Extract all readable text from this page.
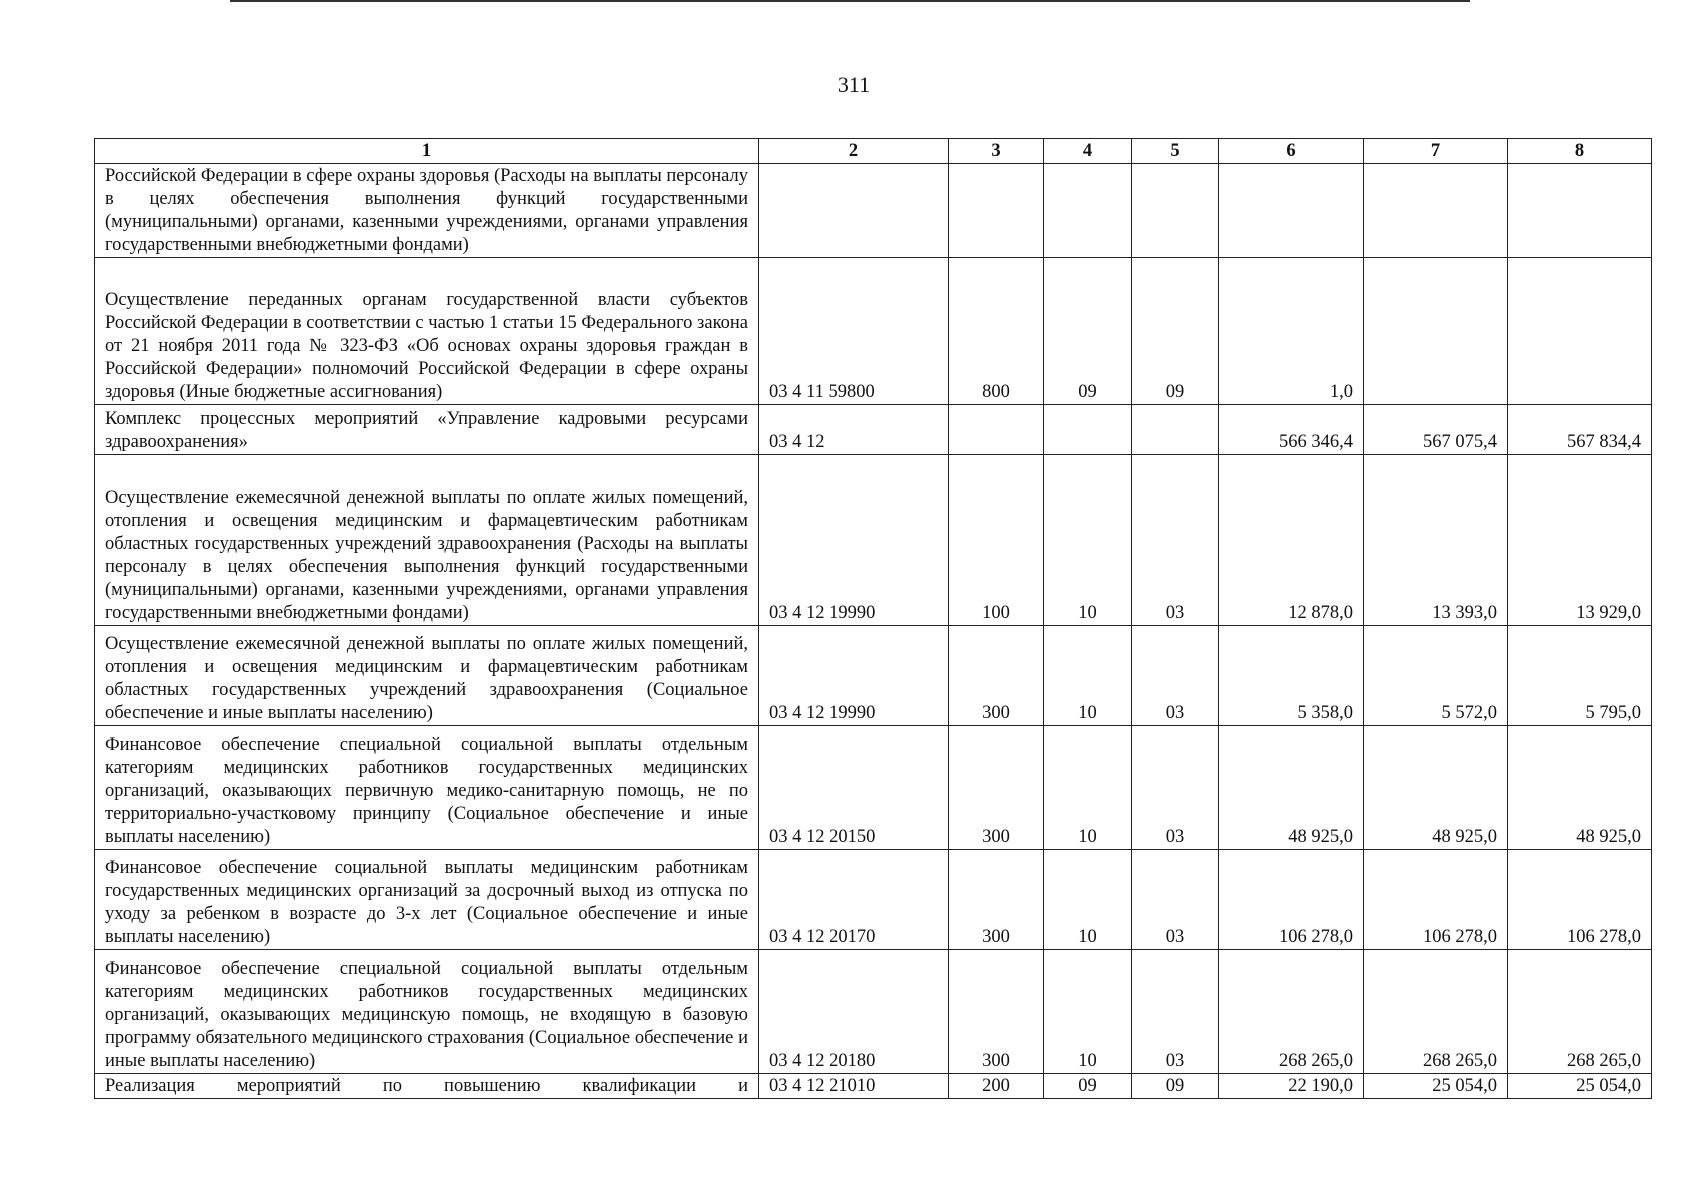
311
1	2	3	4	5	6	7	8
Российской Федерации в сфере охраны здоровья (Расходы на выплаты персоналу в целях обеспечения выполнения функций государственными (муниципальными) органами, казенными учреждениями, органами управления государственными внебюджетными фондами)							
Осуществление переданных органам государственной власти субъектов Российской Федерации в соответствии с частью 1 статьи 15 Федерального закона от 21 ноября 2011 года № 323-ФЗ «Об основах охраны здоровья граждан в Российской Федерации» полномочий Российской Федерации в сфере охраны здоровья (Иные бюджетные ассигнования)	03 4 11 59800	800	09	09	1,0		
Комплекс процессных мероприятий «Управление кадровыми ресурсами здравоохранения»	03 4 12				566 346,4	567 075,4	567 834,4
Осуществление ежемесячной денежной выплаты по оплате жилых помещений, отопления и освещения медицинским и фармацевтическим работникам областных государственных учреждений здравоохранения (Расходы на выплаты персоналу в целях обеспечения выполнения функций государственными (муниципальными) органами, казенными учреждениями, органами управления государственными внебюджетными фондами)	03 4 12 19990	100	10	03	12 878,0	13 393,0	13 929,0
Осуществление ежемесячной денежной выплаты по оплате жилых помещений, отопления и освещения медицинским и фармацевтическим работникам областных государственных учреждений здравоохранения (Социальное обеспечение и иные выплаты населению)	03 4 12 19990	300	10	03	5 358,0	5 572,0	5 795,0
Финансовое обеспечение специальной социальной выплаты отдельным категориям медицинских работников государственных медицинских организаций, оказывающих первичную медико-санитарную помощь, не по территориально-участковому принципу (Социальное обеспечение и иные выплаты населению)	03 4 12 20150	300	10	03	48 925,0	48 925,0	48 925,0
Финансовое обеспечение социальной выплаты медицинским работникам государственных медицинских организаций за досрочный выход из отпуска по уходу за ребенком в возрасте до 3-х лет (Социальное обеспечение и иные выплаты населению)	03 4 12 20170	300	10	03	106 278,0	106 278,0	106 278,0
Финансовое обеспечение специальной социальной выплаты отдельным категориям медицинских работников государственных медицинских организаций, оказывающих медицинскую помощь, не входящую в базовую программу обязательного медицинского страхования (Социальное обеспечение и иные выплаты населению)	03 4 12 20180	300	10	03	268 265,0	268 265,0	268 265,0
Реализация мероприятий по повышению квалификации и	03 4 12 21010	200	09	09	22 190,0	25 054,0	25 054,0
